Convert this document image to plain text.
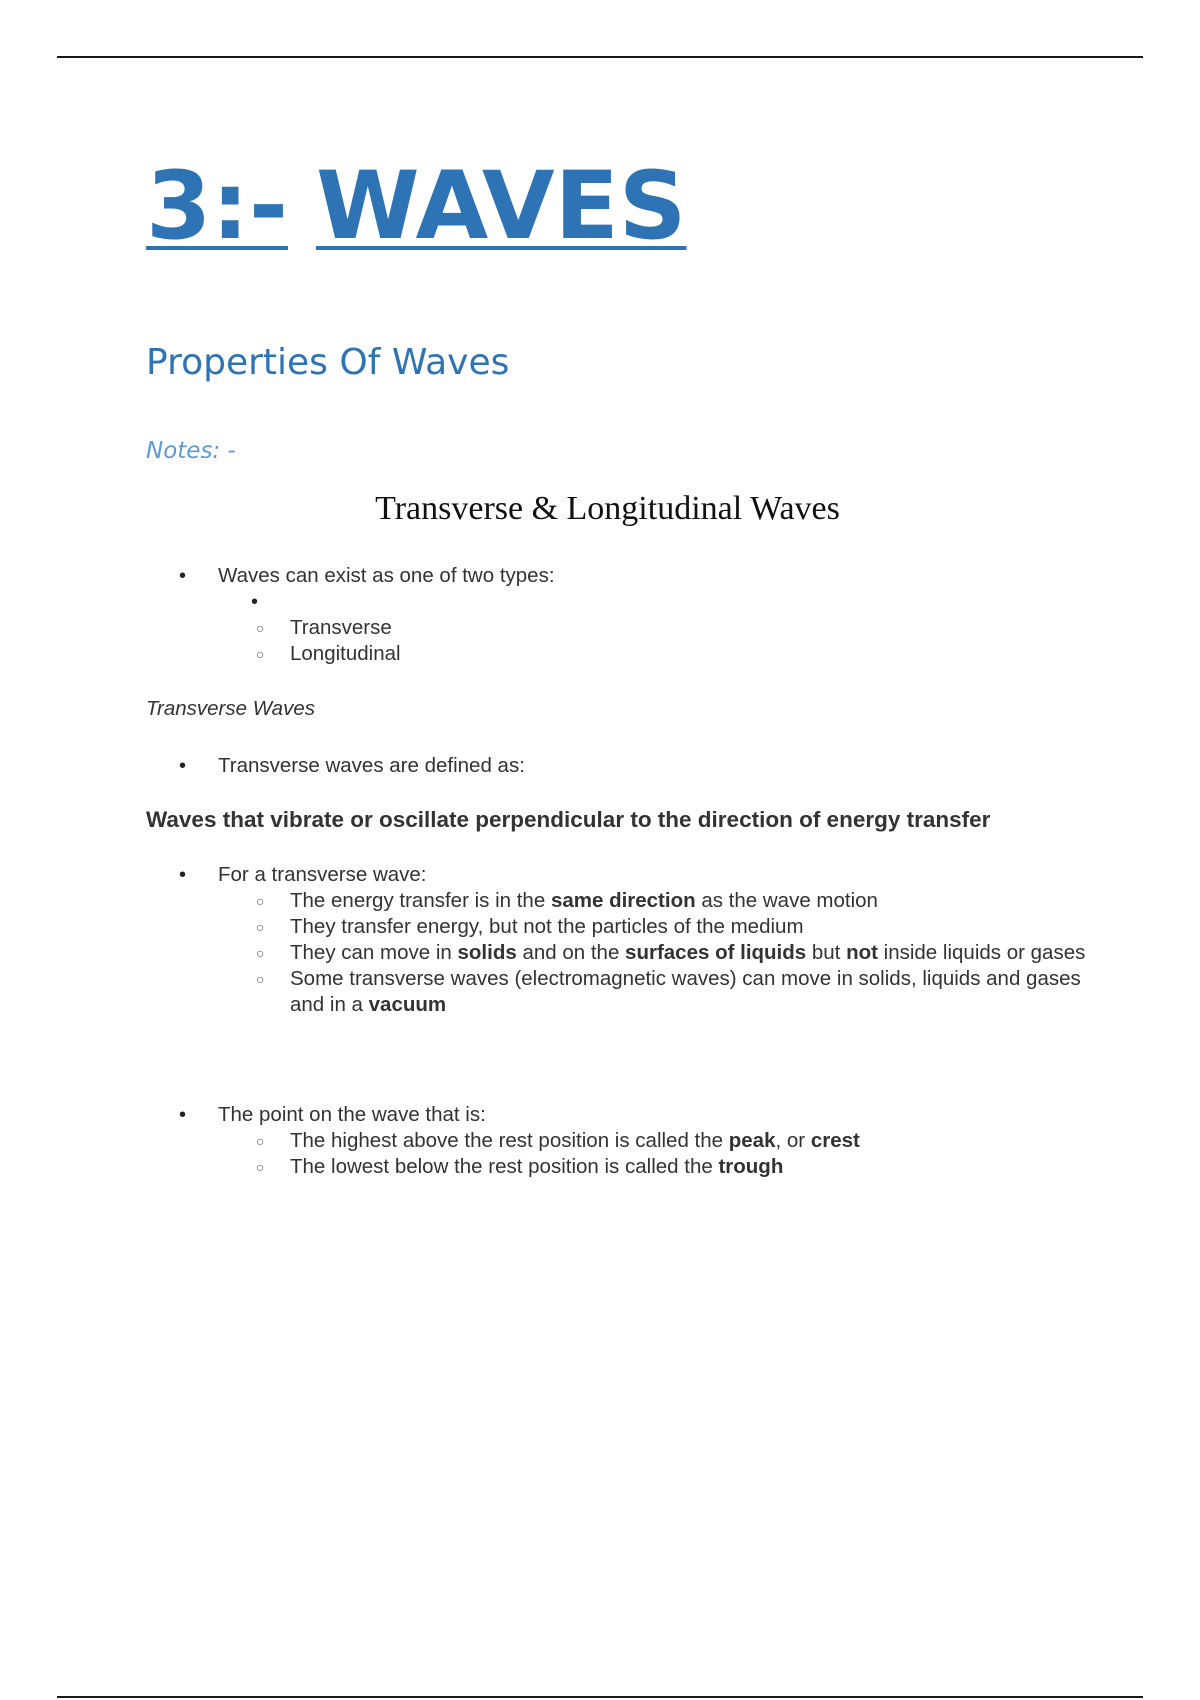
3:- WAVES
Properties Of Waves
Notes: -
Transverse & Longitudinal Waves
• Waves can exist as one of two types:
•
○ Transverse
○ Longitudinal
Transverse Waves
• Transverse waves are defined as:
Waves that vibrate or oscillate perpendicular to the direction of energy transfer
• For a transverse wave:
○ The energy transfer is in the same direction as the wave motion
○ They transfer energy, but not the particles of the medium
○ They can move in solids and on the surfaces of liquids but not inside liquids or gases
○ Some transverse waves (electromagnetic waves) can move in solids, liquids and gases and in a vacuum
• The point on the wave that is:
○ The highest above the rest position is called the peak, or crest
○ The lowest below the rest position is called the trough
